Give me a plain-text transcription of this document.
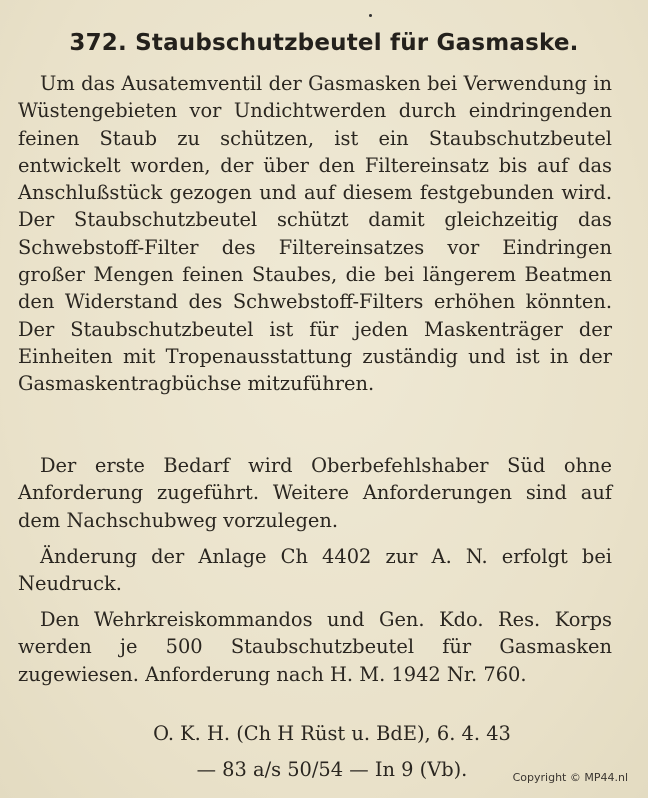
372. Staubschutzbeutel für Gasmaske.

Um das Ausatemventil der Gasmasken bei Verwendung in Wüstengebieten vor Undichtwerden durch eindringenden feinen Staub zu schützen, ist ein Staubschutzbeutel entwickelt worden, der über den Filtereinsatz bis auf das Anschlußstück gezogen und auf diesem festgebunden wird. Der Staubschutzbeutel schützt damit gleichzeitig das Schwebstoff-Filter des Filtereinsatzes vor Eindringen großer Mengen feinen Staubes, die bei längerem Beatmen den Widerstand des Schwebstoff-Filters erhöhen könnten. Der Staubschutzbeutel ist für jeden Maskenträger der Einheiten mit Tropenausstattung zuständig und ist in der Gasmaskentragbüchse mitzuführen.

Der erste Bedarf wird Oberbefehlshaber Süd ohne Anforderung zugeführt. Weitere Anforderungen sind auf dem Nachschubweg vorzulegen.

Änderung der Anlage Ch 4402 zur A. N. erfolgt bei Neudruck.

Den Wehrkreiskommandos und Gen. Kdo. Res. Korps werden je 500 Staubschutzbeutel für Gasmasken zugewiesen. Anforderung nach H. M. 1942 Nr. 760.

O. K. H. (Ch H Rüst u. BdE), 6. 4. 43
— 83 a/s 50/54 — In 9 (Vb).	Copyright © MP44.nl
